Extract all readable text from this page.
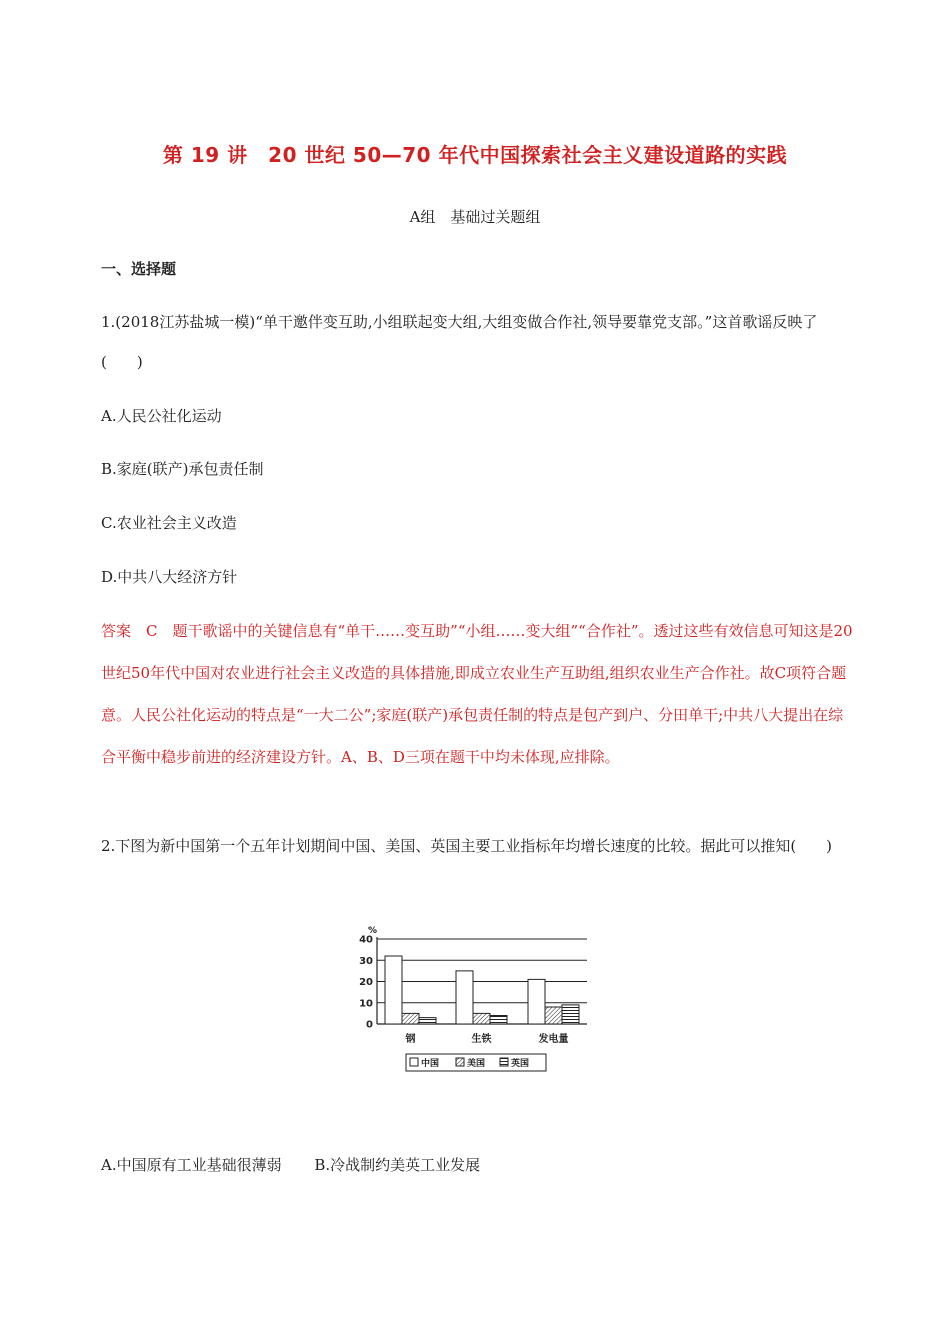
第 19 讲　20 世纪 50—70 年代中国探索社会主义建设道路的实践
A组　基础过关题组
一、选择题
1.(2018江苏盐城一模)“单干邀伴变互助,小组联起变大组,大组变做合作社,领导要靠党支部。”这首歌谣反映了(　　)
A.人民公社化运动
B.家庭(联产)承包责任制
C.农业社会主义改造
D.中共八大经济方针
答案　C　题干歌谣中的关键信息有“单干……变互助”“小组……变大组”“合作社”。透过这些有效信息可知这是20世纪50年代中国对农业进行社会主义改造的具体措施,即成立农业生产互助组,组织农业生产合作社。故C项符合题意。人民公社化运动的特点是“一大二公”;家庭(联产)承包责任制的特点是包产到户、分田单干;中共八大提出在综合平衡中稳步前进的经济建设方针。A、B、D三项在题干中均未体现,应排除。
2.下图为新中国第一个五年计划期间中国、美国、英国主要工业指标年均增长速度的比较。据此可以推知(　　)
%
40
30
20
10
0
钢	生铁	发电量
中国	美国	英国
A.中国原有工业基础很薄弱 B.冷战制约美英工业发展
